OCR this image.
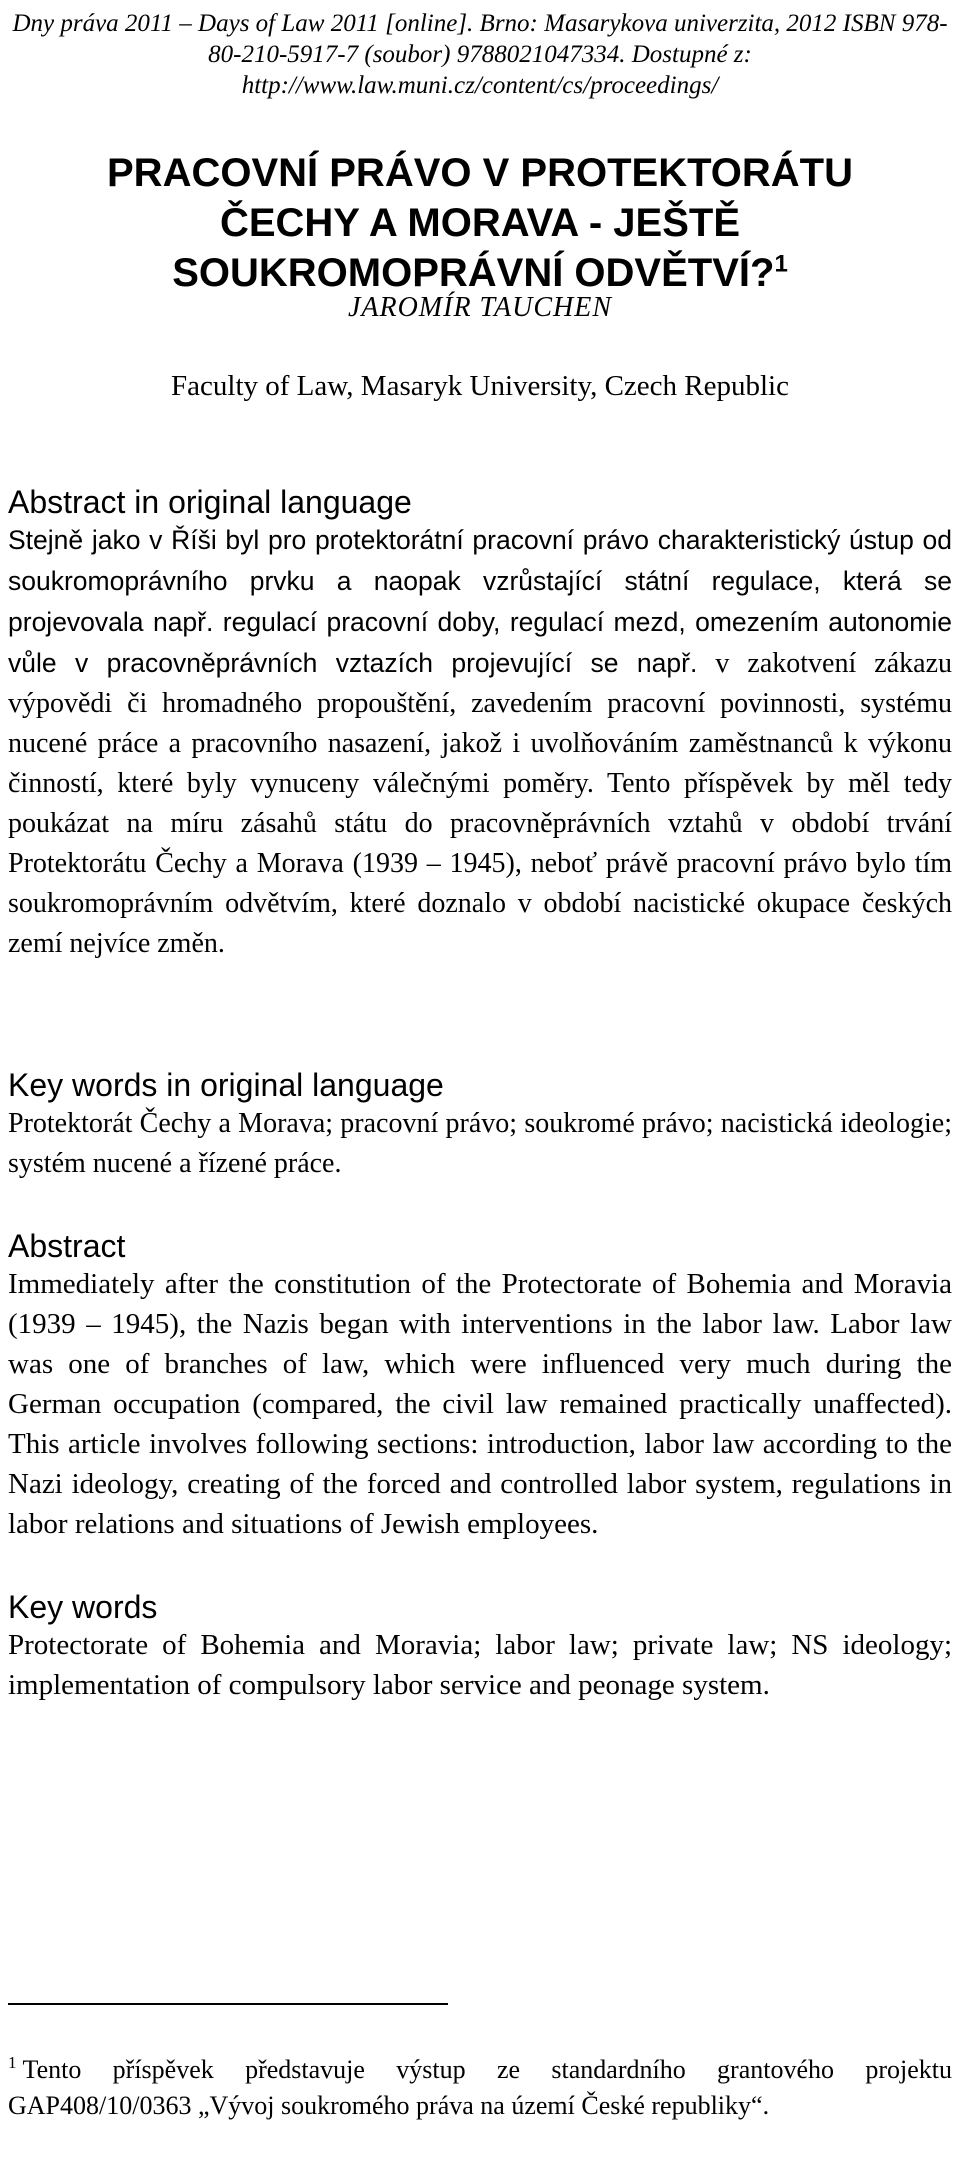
Dny práva 2011 – Days of Law 2011 [online]. Brno: Masarykova univerzita, 2012 ISBN 978-80-210-5917-7 (soubor) 9788021047334. Dostupné z: http://www.law.muni.cz/content/cs/proceedings/
PRACOVNÍ PRÁVO V PROTEKTORÁTU ČECHY A MORAVA - JEŠTĚ SOUKROMOPRÁVNÍ ODVĚTVÍ?$^1$
JAROMÍR TAUCHEN
Faculty of Law, Masaryk University, Czech Republic
Abstract in original language

Stejně jako v Říši byl pro protektorátní pracovní právo charakteristický ústup od soukromoprávního prvku a naopak vzrůstající státní regulace, která se projevovala např. regulací pracovní doby, regulací mezd, omezením autonomie vůle v pracovněprávních vztazích projevující se např. v zakotvení zákazu výpovědi či hromadného propouštění, zavedením pracovní povinnosti, systému nucené práce a pracovního nasazení, jakož i uvolňováním zaměstnanců k výkonu činností, které byly vynuceny válečnými poměry. Tento příspěvek by měl tedy poukázat na míru zásahů státu do pracovněprávních vztahů v období trvání Protektorátu Čechy a Morava (1939 – 1945), neboť právě pracovní právo bylo tím soukromoprávním odvětvím, které doznalo v období nacistické okupace českých zemí nejvíce změn.

Key words in original language

Protektorát Čechy a Morava; pracovní právo; soukromé právo; nacistická ideologie; systém nucené a řízené práce.

Abstract

Immediately after the constitution of the Protectorate of Bohemia and Moravia (1939 – 1945), the Nazis began with interventions in the labor law. Labor law was one of branches of law, which were influenced very much during the German occupation (compared, the civil law remained practically unaffected). This article involves following sections: introduction, labor law according to the Nazi ideology, creating of the forced and controlled labor system, regulations in labor relations and situations of Jewish employees.

Key words

Protectorate of Bohemia and Moravia; labor law; private law; NS ideology; implementation of compulsory labor service and peonage system.

$^1$ Tento příspěvek představuje výstup ze standardního grantového projektu GAP408/10/0363 „Vývoj soukromého práva na území České republiky“.
